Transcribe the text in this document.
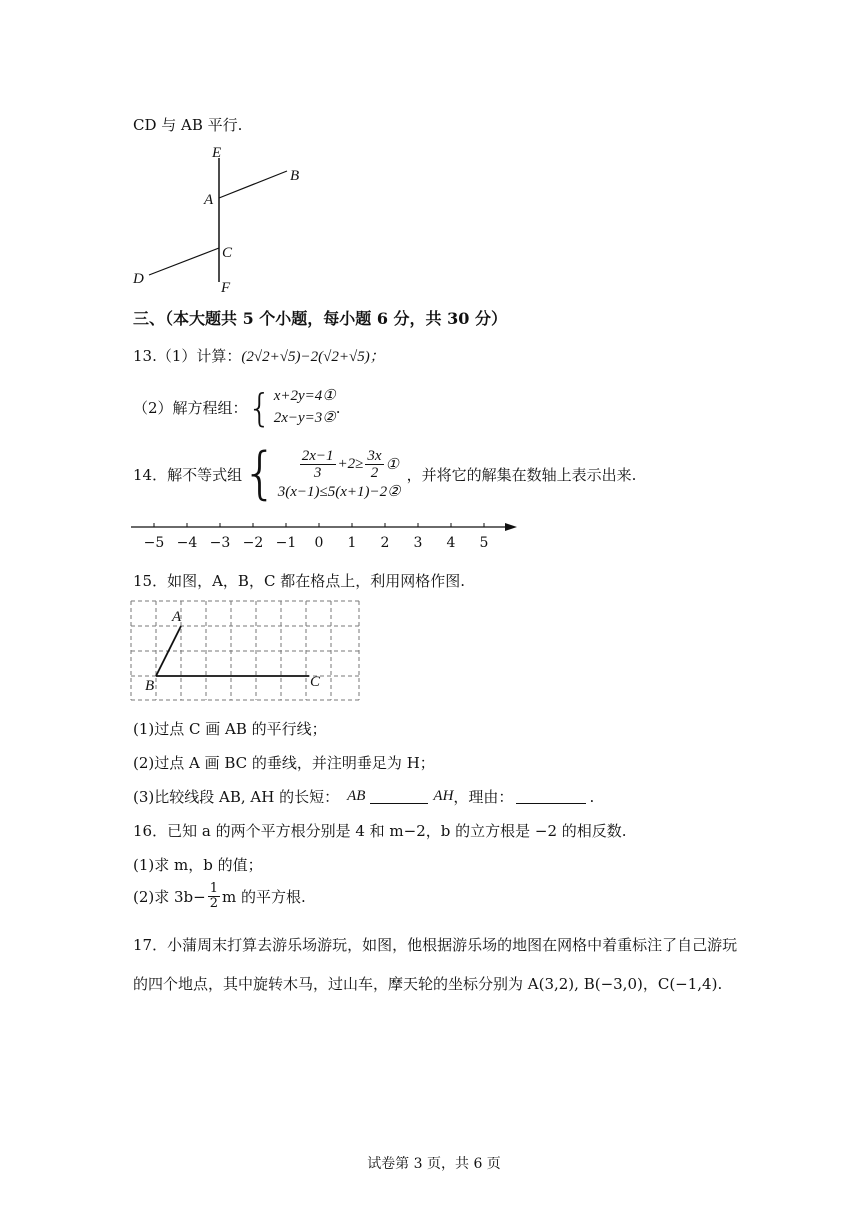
CD 与 AB 平行.
E
A
B
C
D
F
三、（本大题共 5 个小题，每小题 6 分，共 30 分）
13.（1）计算： (2√2+√5)−2(√2+√5)；
（2）解方程组： { x+2y=4①
2x−y=3②
.
14．解不等式组 { $\frac{2x-1}{3} +2\ge \frac{3x}{2}$ ①
3(x−1)≤5(x+1)−2②
，并将它的解集在数轴上表示出来.
−5 −4 −3 −2 −1 0 1 2 3 4 5
15．如图，A，B，C 都在格点上，利用网格作图.
A
B	C
(1)过点 C 画 AB 的平行线；
(2)过点 A 画 BC 的垂线，并注明垂足为 H；
(3)比较线段 AB, AH 的长短： AB	AH ，理由：	.
16．已知 a 的两个平方根分别是 4 和 m−2，b 的立方根是 −2 的相反数.
(1)求 m，b 的值；
(2)求 $3b- \frac{1}{2}$ m 的平方根.
17．小蒲周末打算去游乐场游玩，如图，他根据游乐场的地图在网格中着重标注了自己游玩
的四个地点，其中旋转木马，过山车，摩天轮的坐标分别为 A(3,2), B(−3,0)，C(−1,4).
试卷第 3 页，共 6 页
